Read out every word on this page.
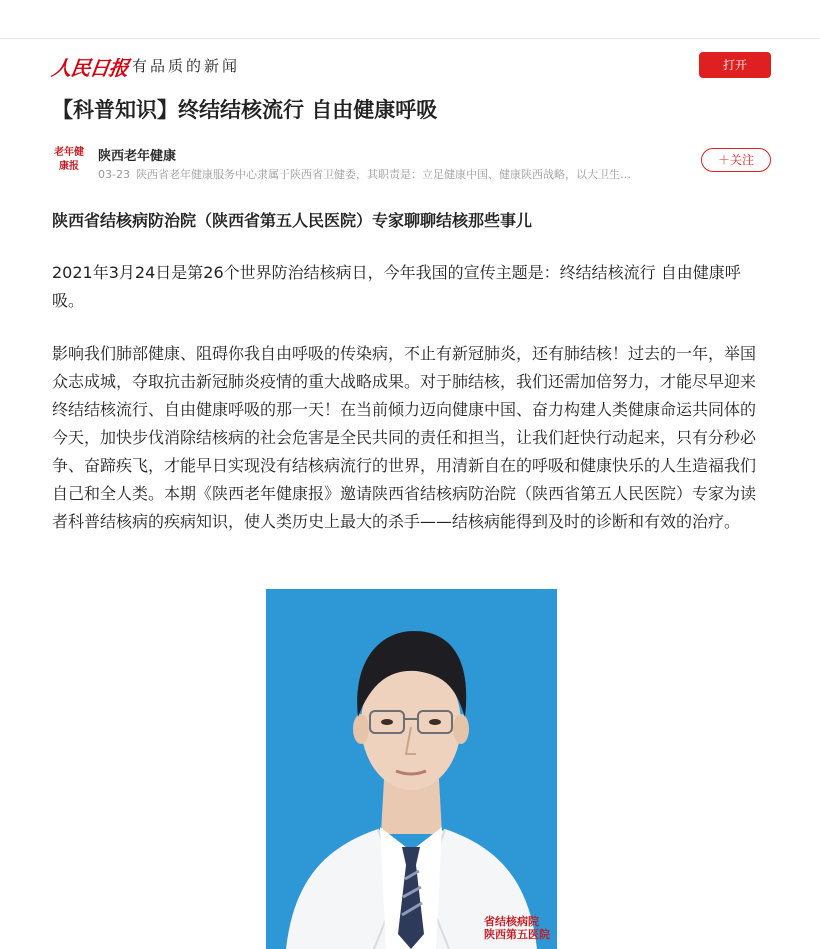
人民日报 有品质的新闻	打开
【科普知识】终结结核流行 自由健康呼吸
老年健康报
陕西老年健康
03-23 陕西省老年健康服务中心隶属于陕西省卫健委，其职责是：立足健康中国、健康陕西战略，以大卫生…
＋关注
陕西省结核病防治院（陕西省第五人民医院）专家聊聊结核那些事儿

2021年3月24日是第26个世界防治结核病日，今年我国的宣传主题是：终结结核流行 自由健康呼吸。

影响我们肺部健康、阻碍你我自由呼吸的传染病，不止有新冠肺炎，还有肺结核！过去的一年，举国众志成城，夺取抗击新冠肺炎疫情的重大战略成果。对于肺结核，我们还需加倍努力，才能尽早迎来终结结核流行、自由健康呼吸的那一天！在当前倾力迈向健康中国、奋力构建人类健康命运共同体的今天，加快步伐消除结核病的社会危害是全民共同的责任和担当，让我们赶快行动起来，只有分秒必争、奋蹄疾飞，才能早日实现没有结核病流行的世界，用清新自在的呼吸和健康快乐的人生造福我们自己和全人类。本期《陕西老年健康报》邀请陕西省结核病防治院（陕西省第五人民医院）专家为读者科普结核病的疾病知识，使人类历史上最大的杀手——结核病能得到及时的诊断和有效的治疗。

省结核病院
陕西第五医院
